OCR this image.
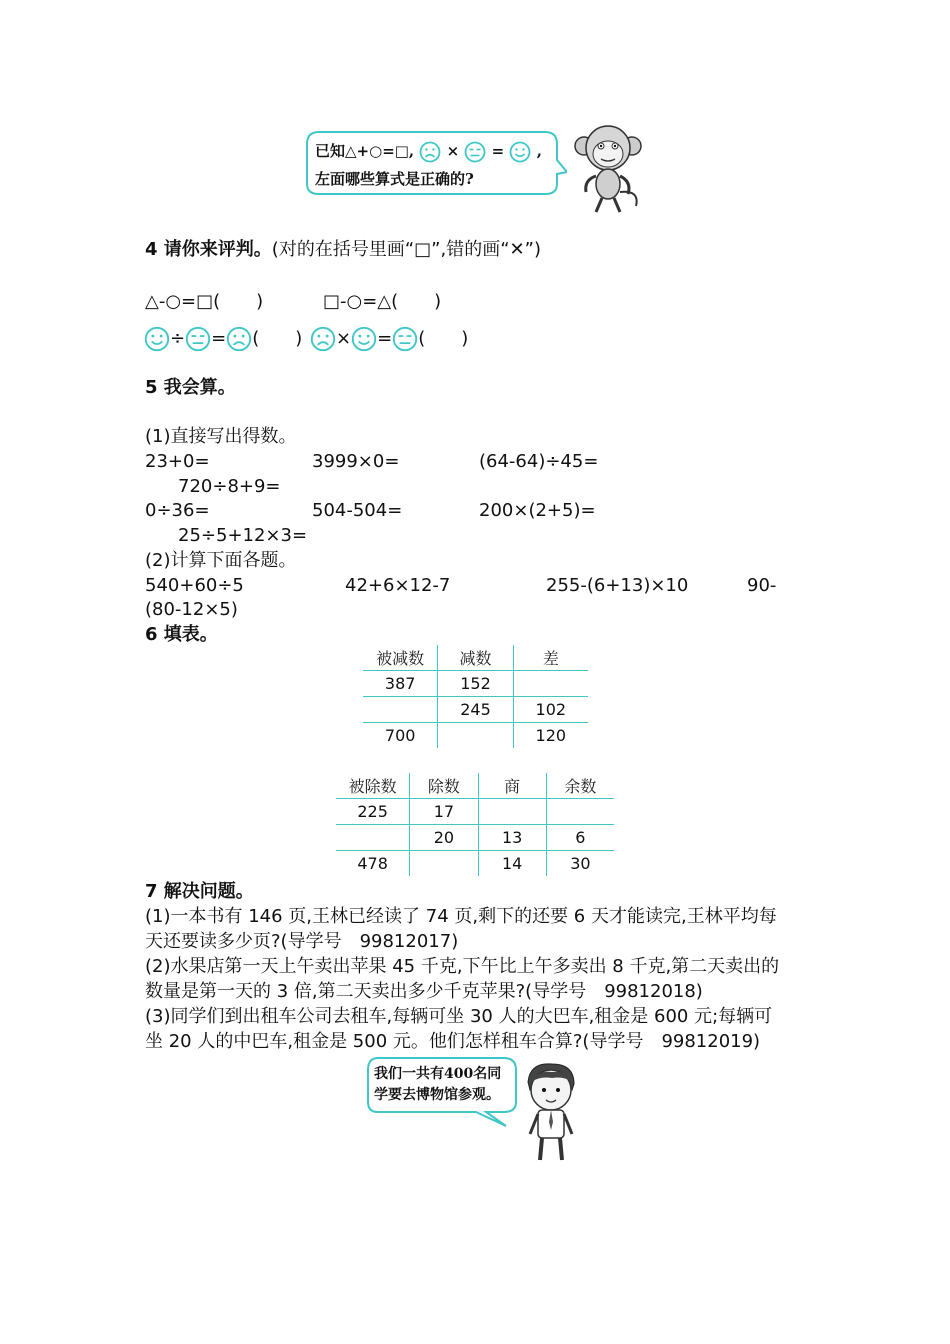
已知△+○=□, × = ,
左面哪些算式是正确的?
4 请你来评判。(对的在括号里画“□”,错的画“✕”)
△-○=□(　　)	□-○=△(　　)
÷ = (　　)	× = (　　)
5 我会算。
(1)直接写出得数。
23+0=	3999×0=	(64-64)÷45=
720÷8+9=
0÷36=	504-504=	200×(2+5)=
25÷5+12×3=
(2)计算下面各题。
540+60÷5	42+6×12-7	255-(6+13)×10	90-
(80-12×5)
6 填表。
被减数	减数	差
387	152	
	245	102
700		120
被除数	除数	商	余数
225	17		
	20	13	6
478		14	30
7 解决问题。
(1)一本书有 146 页,王林已经读了 74 页,剩下的还要 6 天才能读完,王林平均每
天还要读多少页?(导学号　99812017)
(2)水果店第一天上午卖出苹果 45 千克,下午比上午多卖出 8 千克,第二天卖出的
数量是第一天的 3 倍,第二天卖出多少千克苹果?(导学号　99812018)
(3)同学们到出租车公司去租车,每辆可坐 30 人的大巴车,租金是 600 元;每辆可
坐 20 人的中巴车,租金是 500 元。他们怎样租车合算?(导学号　99812019)
我们一共有400名同
学要去博物馆参观。
